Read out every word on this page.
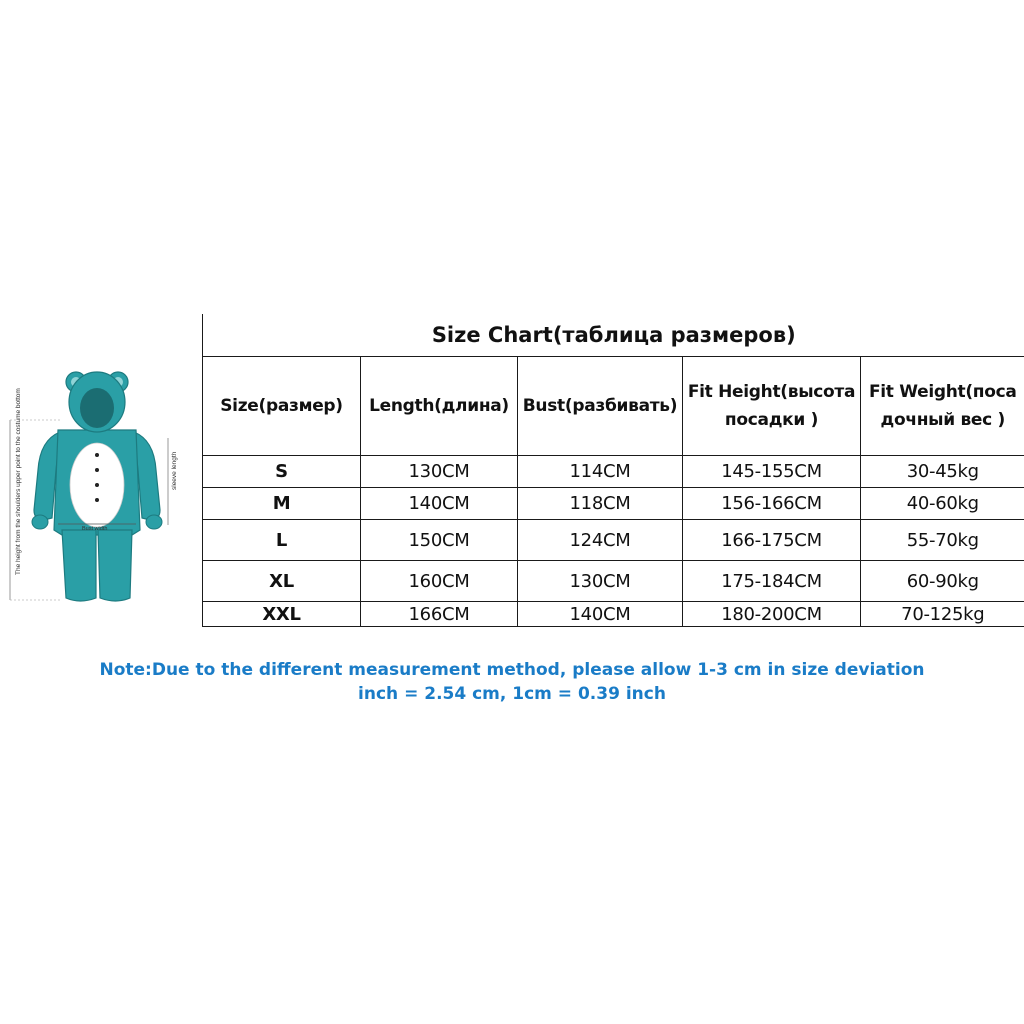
The height from the shoulders upper point to the costume bottom	sleeve length
Bust width
Size Chart(таблица размеров)				
Size(размер)	Length(длина)	Bust(разбивать)	Fit Height(высота посадки )	Fit Weight(поса дочный вес )
S	130CM	114CM	145-155CM	30-45kg
M	140CM	118CM	156-166CM	40-60kg
L	150CM	124CM	166-175CM	55-70kg
XL	160CM	130CM	175-184CM	60-90kg
XXL	166CM	140CM	180-200CM	70-125kg
Note:Due to the different measurement method, please allow 1-3 cm in size deviation
inch = 2.54 cm, 1cm = 0.39 inch
